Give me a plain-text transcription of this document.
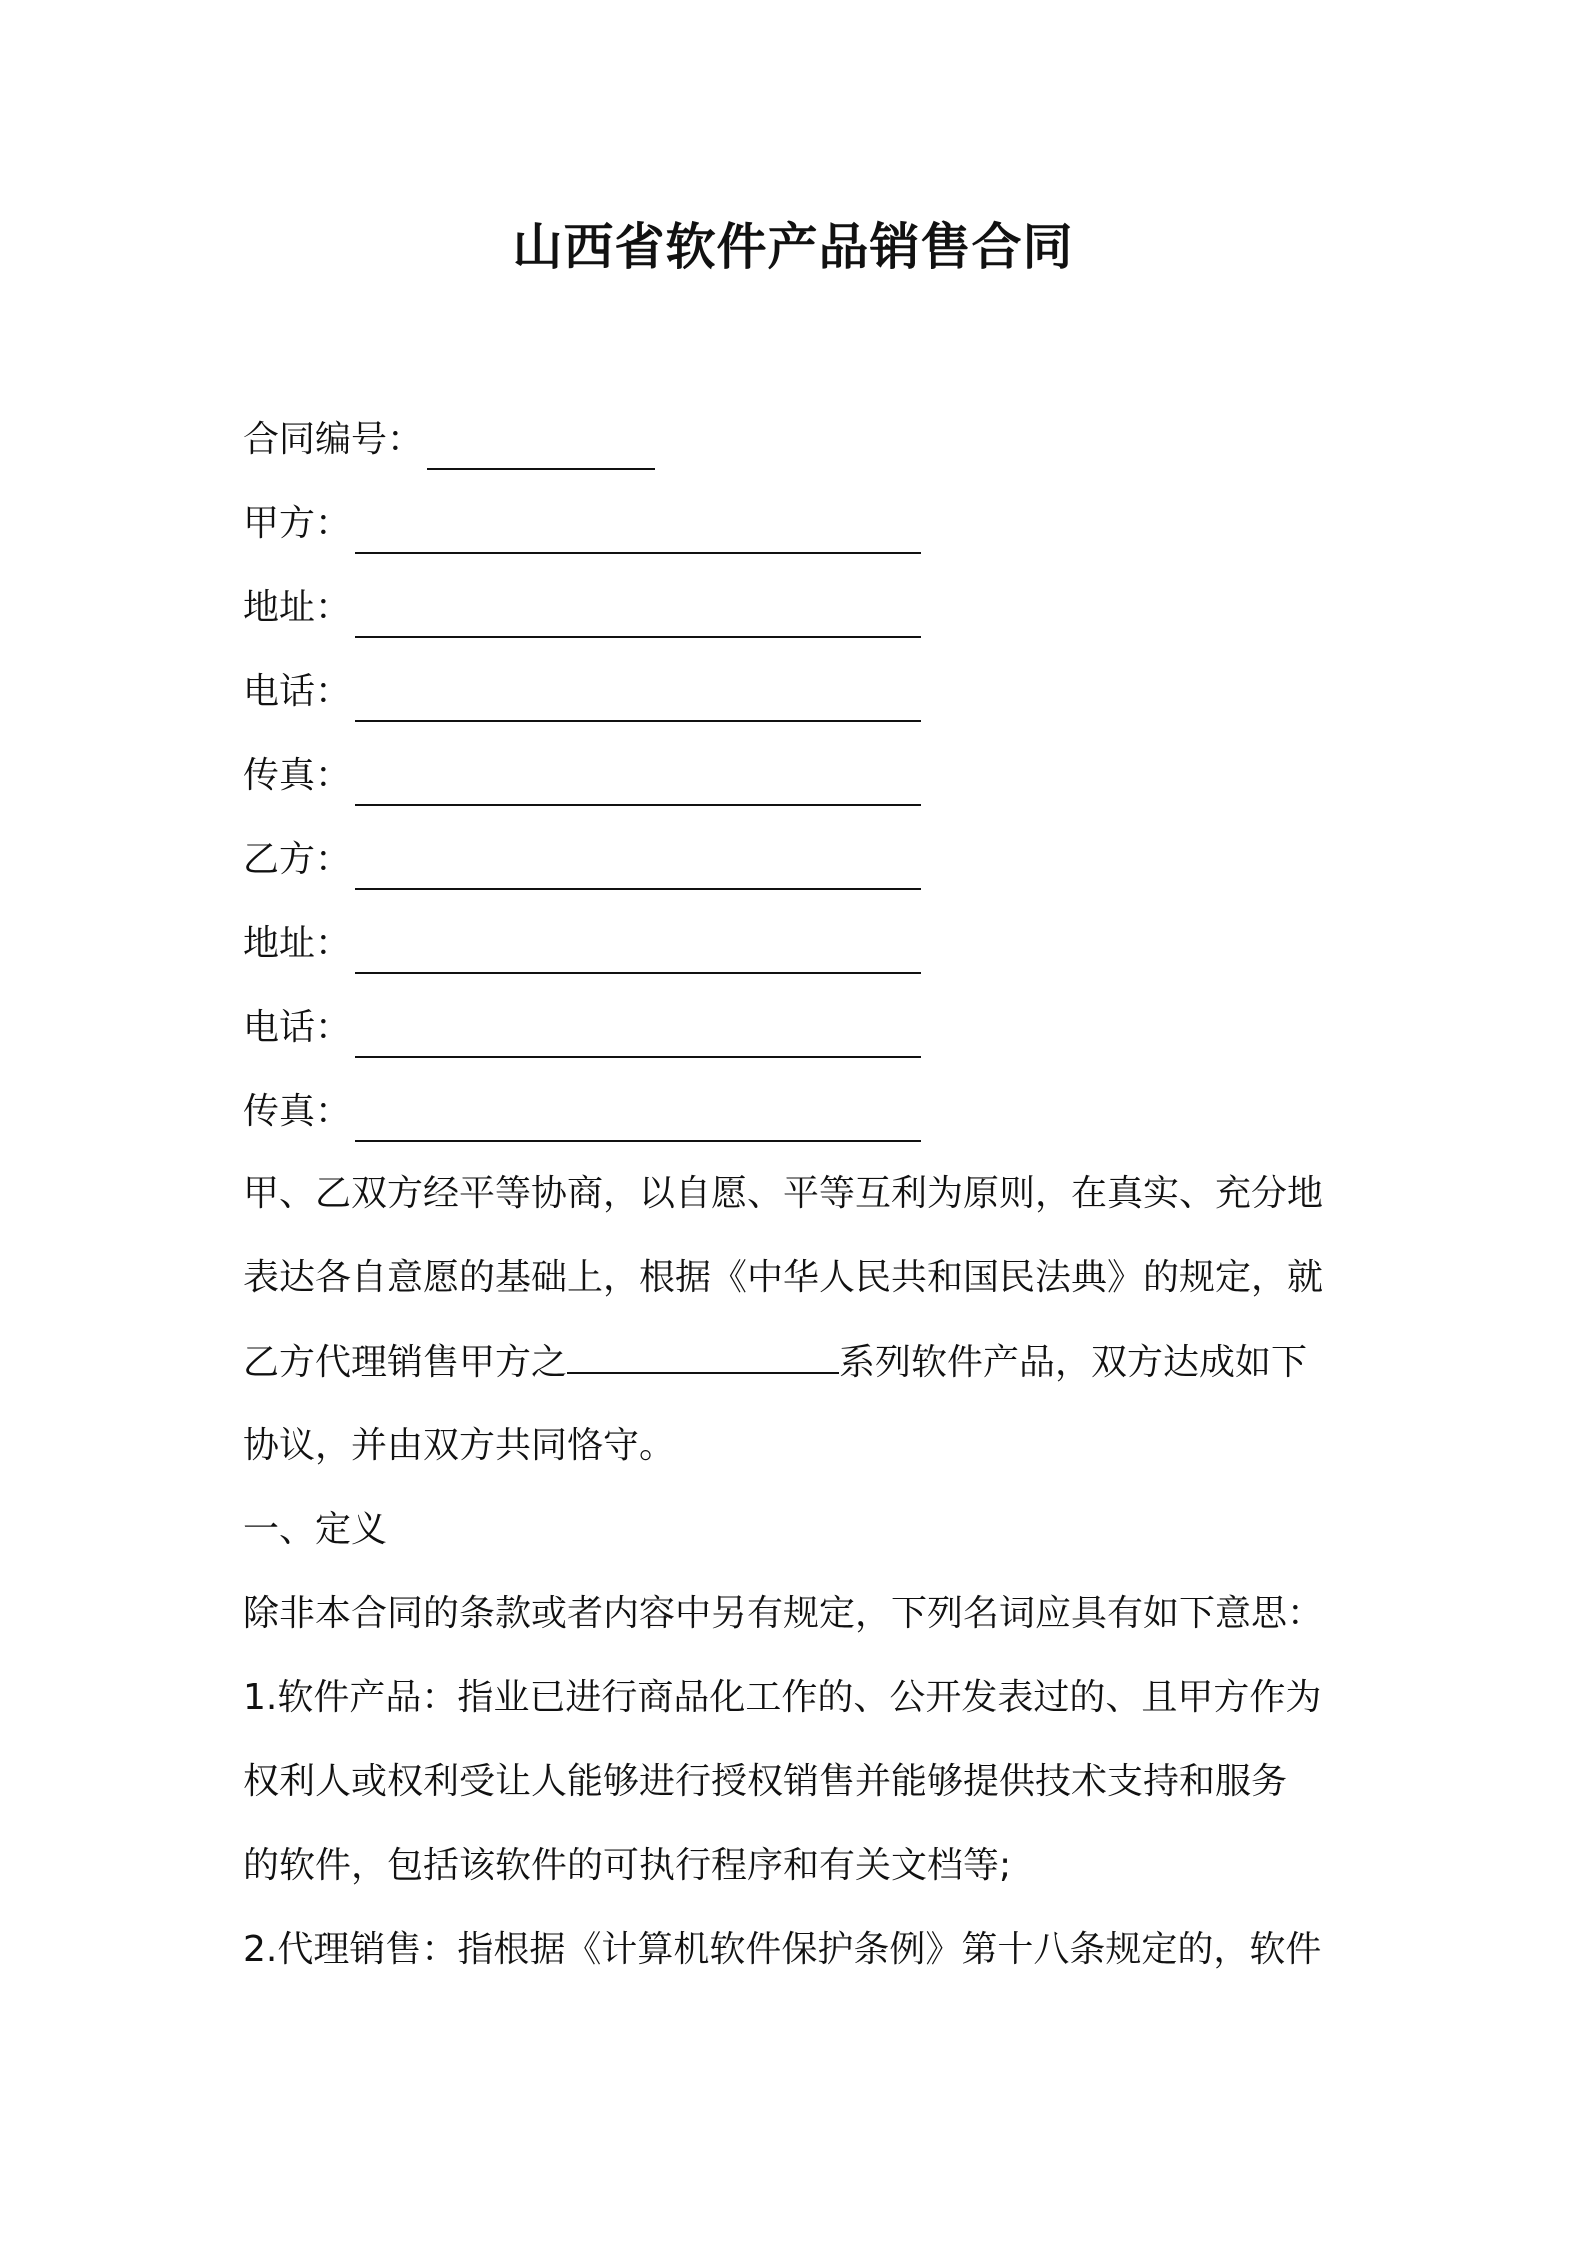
山西省软件产品销售合同
合同编号：
甲方：
地址：
电话：
传真：
乙方：
地址：
电话：
传真：
甲、乙双方经平等协商，以自愿、平等互利为原则，在真实、充分地
表达各自意愿的基础上，根据《中华人民共和国民法典》的规定，就
乙方代理销售甲方之	系列软件产品，双方达成如下
协议，并由双方共同恪守。
一、定义
除非本合同的条款或者内容中另有规定，下列名词应具有如下意思：
1.软件产品：指业已进行商品化工作的、公开发表过的、且甲方作为
权利人或权利受让人能够进行授权销售并能够提供技术支持和服务
的软件，包括该软件的可执行程序和有关文档等;
2.代理销售：指根据《计算机软件保护条例》第十八条规定的，软件
